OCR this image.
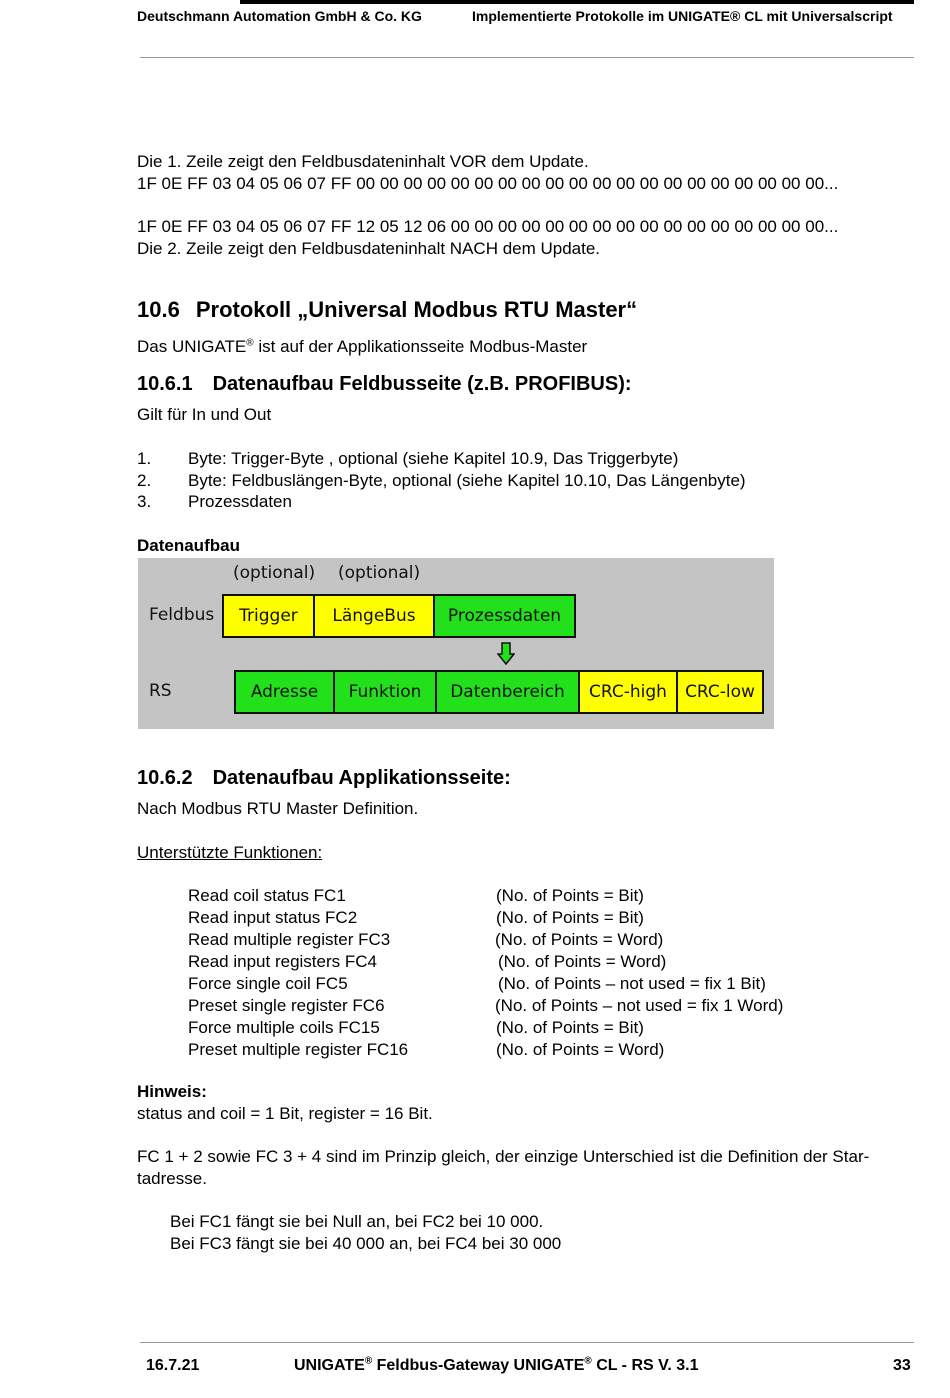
Deutschmann Automation GmbH & Co. KG	Implementierte Protokolle im UNIGATE® CL mit Universalscript
Die 1. Zeile zeigt den Feldbusdateninhalt VOR dem Update.
1F 0E FF 03 04 05 06 07 FF 00 00 00 00 00 00 00 00 00 00 00 00 00 00 00 00 00 00 00 00...
1F 0E FF 03 04 05 06 07 FF 12 05 12 06 00 00 00 00 00 00 00 00 00 00 00 00 00 00 00 00...
Die 2. Zeile zeigt den Feldbusdateninhalt NACH dem Update.
10.6 Protokoll „Universal Modbus RTU Master“
Das UNIGATE® ist auf der Applikationsseite Modbus-Master
10.6.1 Datenaufbau Feldbusseite (z.B. PROFIBUS):
Gilt für In und Out
1. Byte: Trigger-Byte , optional (siehe Kapitel 10.9, Das Triggerbyte)
2. Byte: Feldbuslängen-Byte, optional (siehe Kapitel 10.10, Das Längenbyte)
3. Prozessdaten
Datenaufbau
(optional) (optional)
Feldbus
RS
Trigger	LängeBus	Prozessdaten
Adresse	Funktion	Datenbereich	CRC-high	CRC-low
10.6.2 Datenaufbau Applikationsseite:
Nach Modbus RTU Master Definition.
Unterstützte Funktionen:
Read coil status FC1	(No. of Points = Bit)
Read input status FC2	(No. of Points = Bit)
Read multiple register FC3	(No. of Points = Word)
Read input registers FC4	(No. of Points = Word)
Force single coil FC5	(No. of Points – not used = fix 1 Bit)
Preset single register FC6	(No. of Points – not used = fix 1 Word)
Force multiple coils FC15	(No. of Points = Bit)
Preset multiple register FC16	(No. of Points = Word)
Hinweis:
status and coil = 1 Bit, register = 16 Bit.
FC 1 + 2 sowie FC 3 + 4 sind im Prinzip gleich, der einzige Unterschied ist die Definition der Star-
tadresse.
Bei FC1 fängt sie bei Null an, bei FC2 bei 10 000.
Bei FC3 fängt sie bei 40 000 an, bei FC4 bei 30 000
16.7.21	UNIGATE® Feldbus-Gateway UNIGATE® CL - RS V. 3.1	33
